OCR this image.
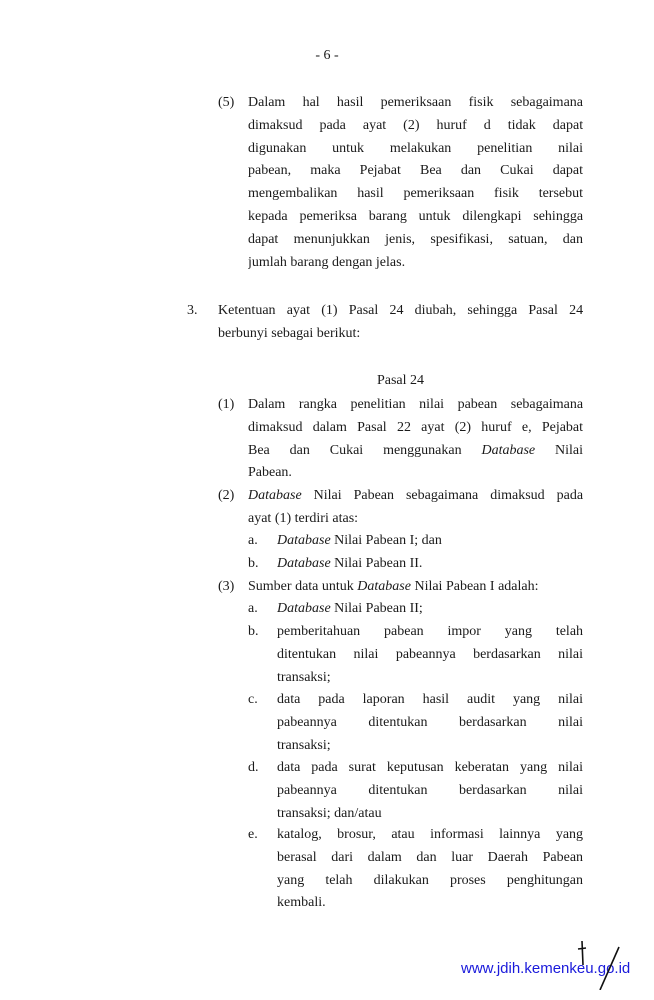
- 6 -
Pasal 24
(5) Dalam hal hasil pemeriksaan fisik sebagaimana
dimaksud pada ayat (2) huruf d tidak dapat
digunakan untuk melakukan penelitian nilai
pabean, maka Pejabat Bea dan Cukai dapat
mengembalikan hasil pemeriksaan fisik tersebut
kepada pemeriksa barang untuk dilengkapi sehingga
dapat menunjukkan jenis, spesifikasi, satuan, dan
jumlah barang dengan jelas.
3. Ketentuan ayat (1) Pasal 24 diubah, sehingga Pasal 24
berbunyi sebagai berikut:
(1) Dalam rangka penelitian nilai pabean sebagaimana
dimaksud dalam Pasal 22 ayat (2) huruf e, Pejabat
Bea dan Cukai menggunakan Database Nilai
Pabean.
(2) Database Nilai Pabean sebagaimana dimaksud pada
ayat (1) terdiri atas:
a. Database Nilai Pabean I; dan
b. Database Nilai Pabean II.
(3) Sumber data untuk Database Nilai Pabean I adalah:
a. Database Nilai Pabean II;
b. pemberitahuan pabean impor yang telah
ditentukan nilai pabeannya berdasarkan nilai
transaksi;
c. data pada laporan hasil audit yang nilai
pabeannya ditentukan berdasarkan nilai
transaksi;
d. data pada surat keputusan keberatan yang nilai
pabeannya ditentukan berdasarkan nilai
transaksi; dan/atau
e. katalog, brosur, atau informasi lainnya yang
berasal dari dalam dan luar Daerah Pabean
yang telah dilakukan proses penghitungan
kembali.
www.jdih.kemenkeu.go.id
